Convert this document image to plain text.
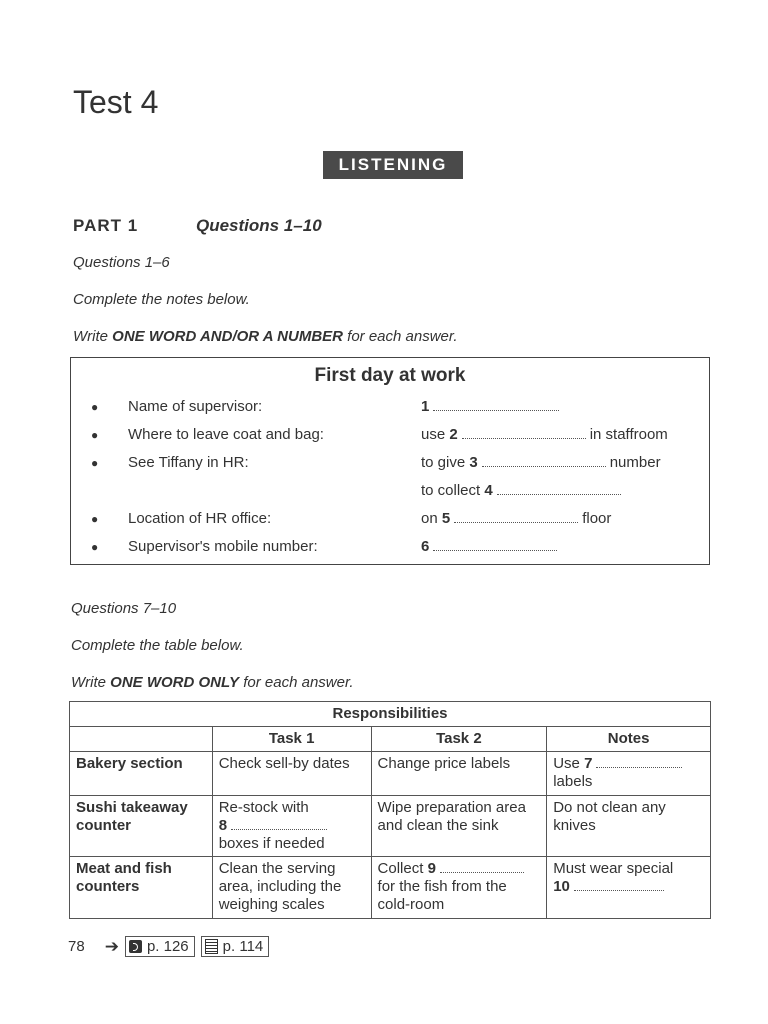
Test 4
LISTENING
PART 1	Questions 1–10
Questions 1–6
Complete the notes below.
Write ONE WORD AND/OR A NUMBER for each answer.
First day at work
● Name of supervisor:	1
● Where to leave coat and bag:	use 2	in staffroom
● See Tiffany in HR:	to give 3	number
to collect 4
● Location of HR office:	on 5	floor
● Supervisor's mobile number:	6
Questions 7–10
Complete the table below.
Write ONE WORD ONLY for each answer.
Responsibilities			
	Task 1	Task 2	Notes
Bakery section	Check sell-by dates	Change price labels	Use 7
labels
Sushi takeaway counter	Re-stock with
8
boxes if needed	Wipe preparation area and clean the sink	Do not clean any knives
Meat and fish counters	Clean the serving area, including the weighing scales	Collect 9
for the fish from the cold-room	Must wear special
10
78 ➔ p. 126 p. 114
